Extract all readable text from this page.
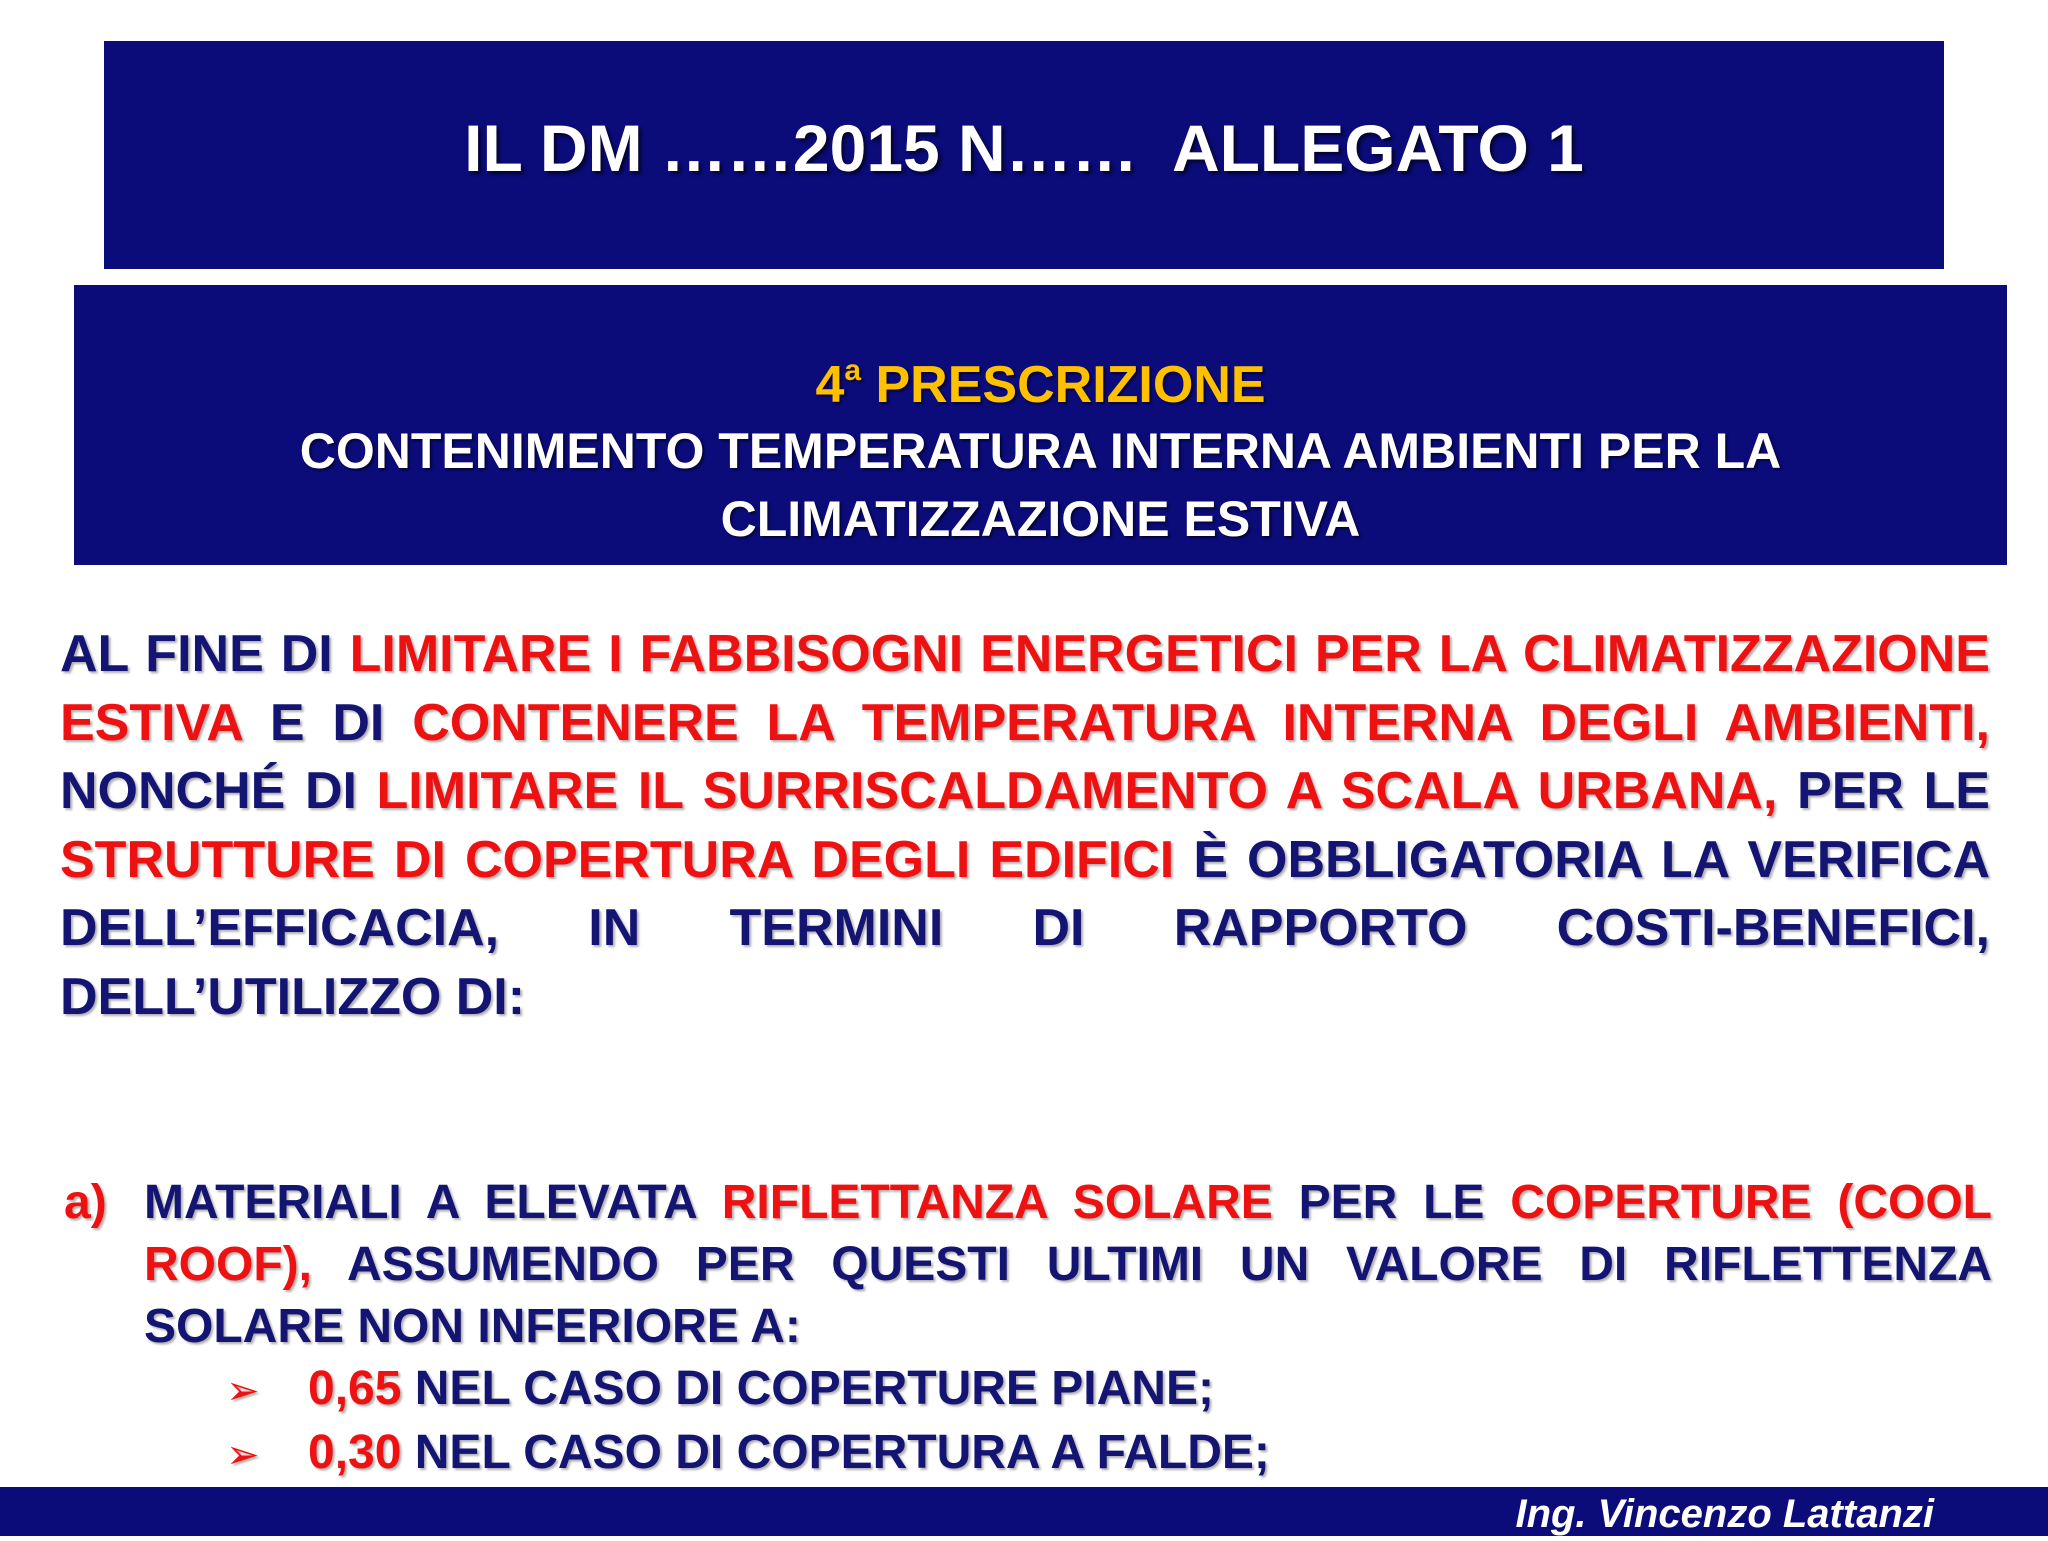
IL DM ……2015 N……  ALLEGATO 1
4$^a$ PRESCRIZIONE
CONTENIMENTO TEMPERATURA INTERNA AMBIENTI PER LA CLIMATIZZAZIONE ESTIVA

AL FINE DI LIMITARE I FABBISOGNI ENERGETICI PER LA CLIMATIZZAZIONE ESTIVA E DI CONTENERE LA TEMPERATURA INTERNA DEGLI AMBIENTI, NONCHÉ DI LIMITARE IL SURRISCALDAMENTO A SCALA URBANA, PER LE STRUTTURE DI COPERTURA DEGLI EDIFICI È OBBLIGATORIA LA VERIFICA DELL’EFFICACIA, IN TERMINI DI RAPPORTO COSTI-BENEFICI, DELL’UTILIZZO DI:

a) MATERIALI A ELEVATA RIFLETTANZA SOLARE PER LE COPERTURE (COOL ROOF), ASSUMENDO PER QUESTI ULTIMI UN VALORE DI RIFLETTENZA SOLARE NON INFERIORE A:
➢ 0,65 NEL CASO DI COPERTURE PIANE;
➢ 0,30 NEL CASO DI COPERTURA A FALDE;
Ing. Vincenzo Lattanzi
